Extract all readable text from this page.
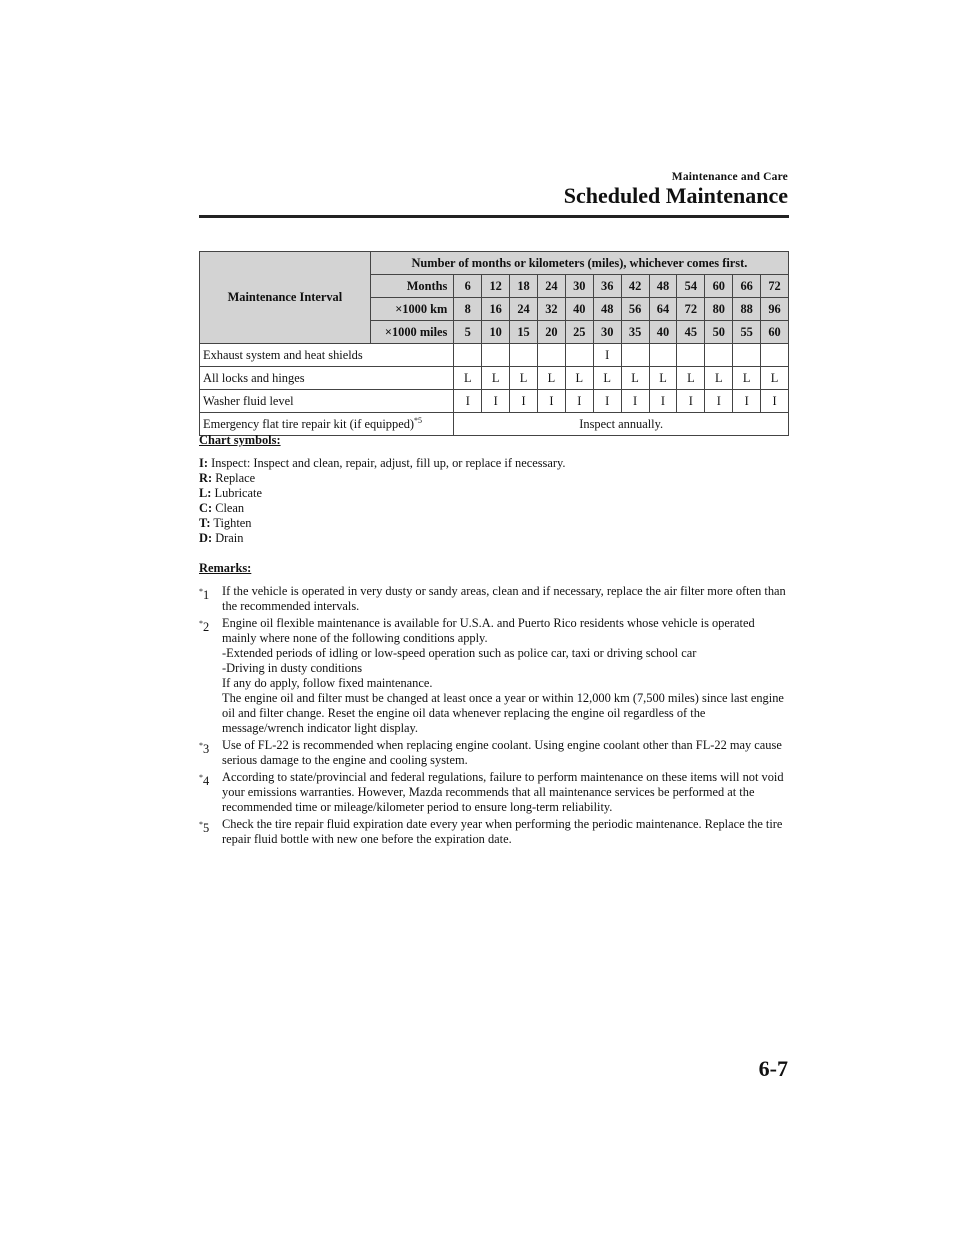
Maintenance and Care
Scheduled Maintenance
Maintenance Interval	Number of months or kilometers (miles), whichever comes first.												
	Months	6	12	18	24	30	36	42	48	54	60	66	72
	×1000 km	8	16	24	32	40	48	56	64	72	80	88	96
	×1000 miles	5	10	15	20	25	30	35	40	45	50	55	60
Exhaust system and heat shields							I						
All locks and hinges		L	L	L	L	L	L	L	L	L	L	L	L
Washer fluid level		I	I	I	I	I	I	I	I	I	I	I	I
Emergency flat tire repair kit (if equipped)$^{*5}$		Inspect annually.											
Chart symbols:
I: Inspect: Inspect and clean, repair, adjust, fill up, or replace if necessary.
R: Replace
L: Lubricate
C: Clean
T: Tighten
D: Drain
Remarks:
*1	If the vehicle is operated in very dusty or sandy areas, clean and if necessary, replace the air filter more often than the recommended intervals.
*2 Engine oil flexible maintenance is available for U.S.A. and Puerto Rico residents whose vehicle is operated mainly where none of the following conditions apply.
-Extended periods of idling or low-speed operation such as police car, taxi or driving school car
-Driving in dusty conditions
If any do apply, follow fixed maintenance.
The engine oil and filter must be changed at least once a year or within 12,000 km (7,500 miles) since last engine oil and filter change. Reset the engine oil data whenever replacing the engine oil regardless of the message/wrench indicator light display.
*3	Use of FL-22 is recommended when replacing engine coolant. Using engine coolant other than FL-22 may cause serious damage to the engine and cooling system.
*4	According to state/provincial and federal regulations, failure to perform maintenance on these items will not void your emissions warranties. However, Mazda recommends that all maintenance services be performed at the recommended time or mileage/kilometer period to ensure long-term reliability.
*5	Check the tire repair fluid expiration date every year when performing the periodic maintenance. Replace the tire repair fluid bottle with new one before the expiration date.
6-7
